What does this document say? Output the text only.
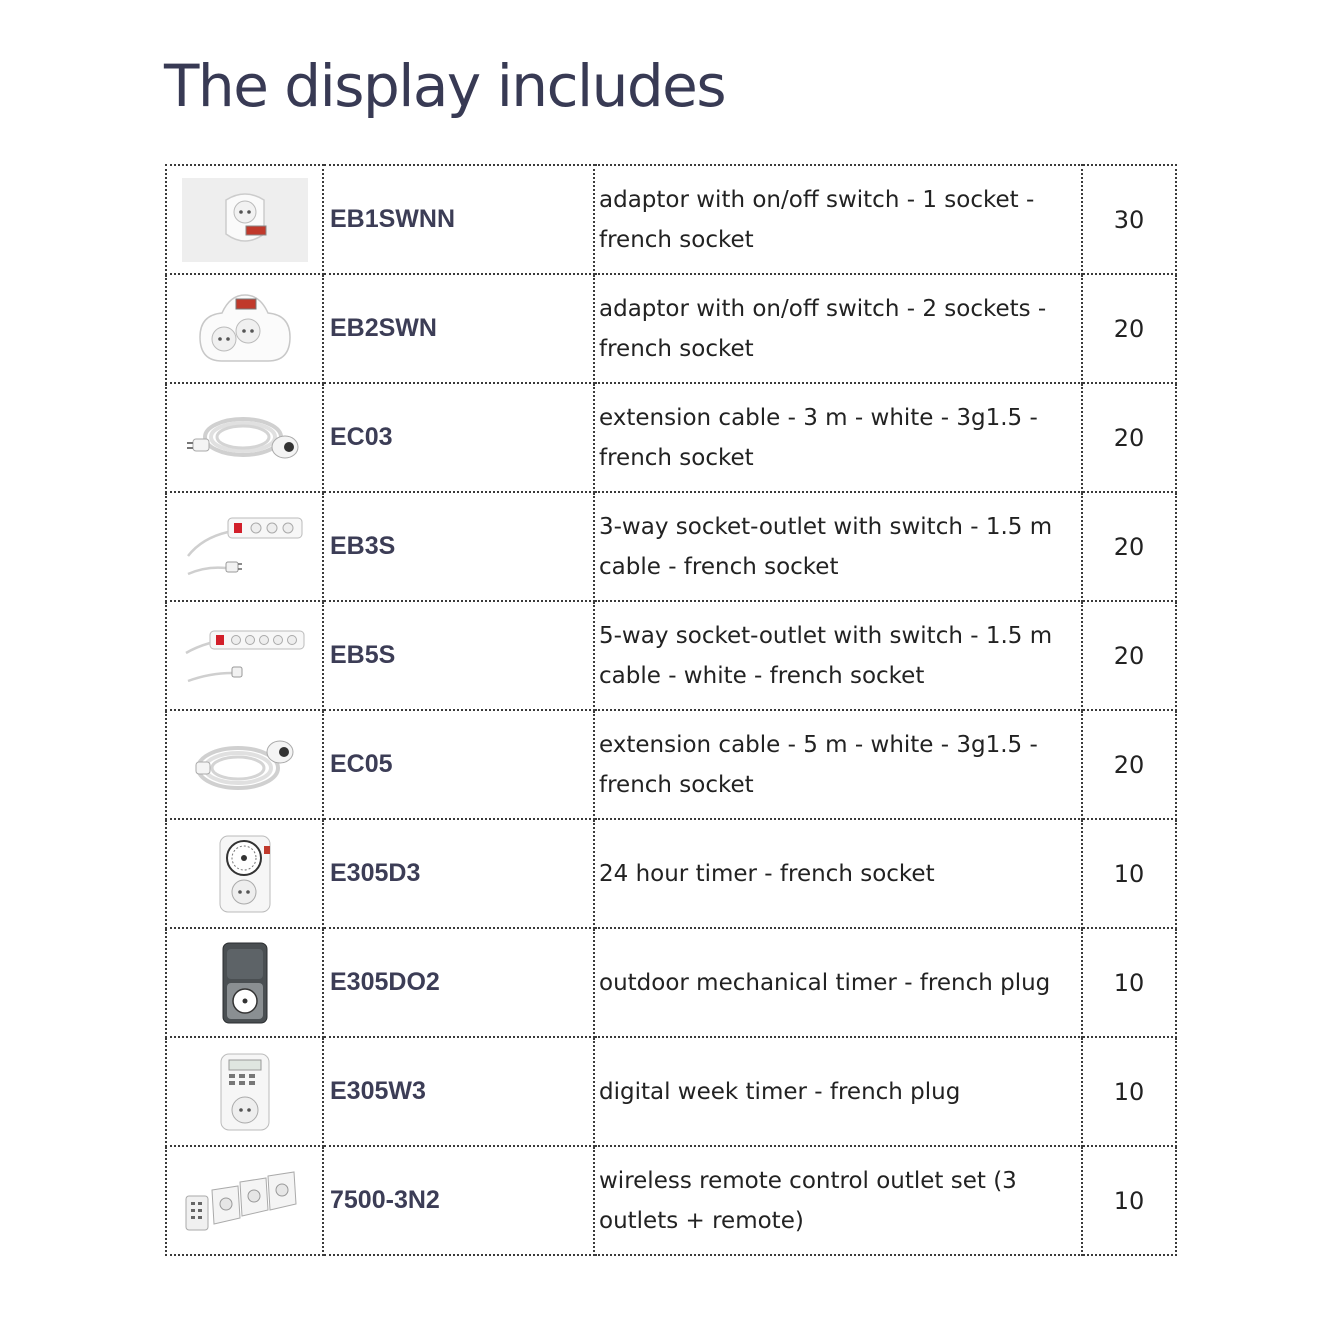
The display includes
	EB1SWNN	adaptor with on/off switch - 1 socket - french socket	30

	EB2SWN	adaptor with on/off switch - 2 sockets - french socket	20

	EC03	extension cable - 3 m - white - 3g1.5 - french socket	20

	EB3S	3-way socket-outlet with switch - 1.5 m cable - french socket	20

	EB5S	5-way socket-outlet with switch - 1.5 m cable - white - french socket	20

	EC05	extension cable - 5 m - white - 3g1.5 - french socket	20

	E305D3	24 hour timer - french socket	10

	E305DO2	outdoor mechanical timer - french plug	10

	E305W3	digital week timer - french plug	10

	7500-3N2	wireless remote control outlet set (3 outlets + remote)	10
